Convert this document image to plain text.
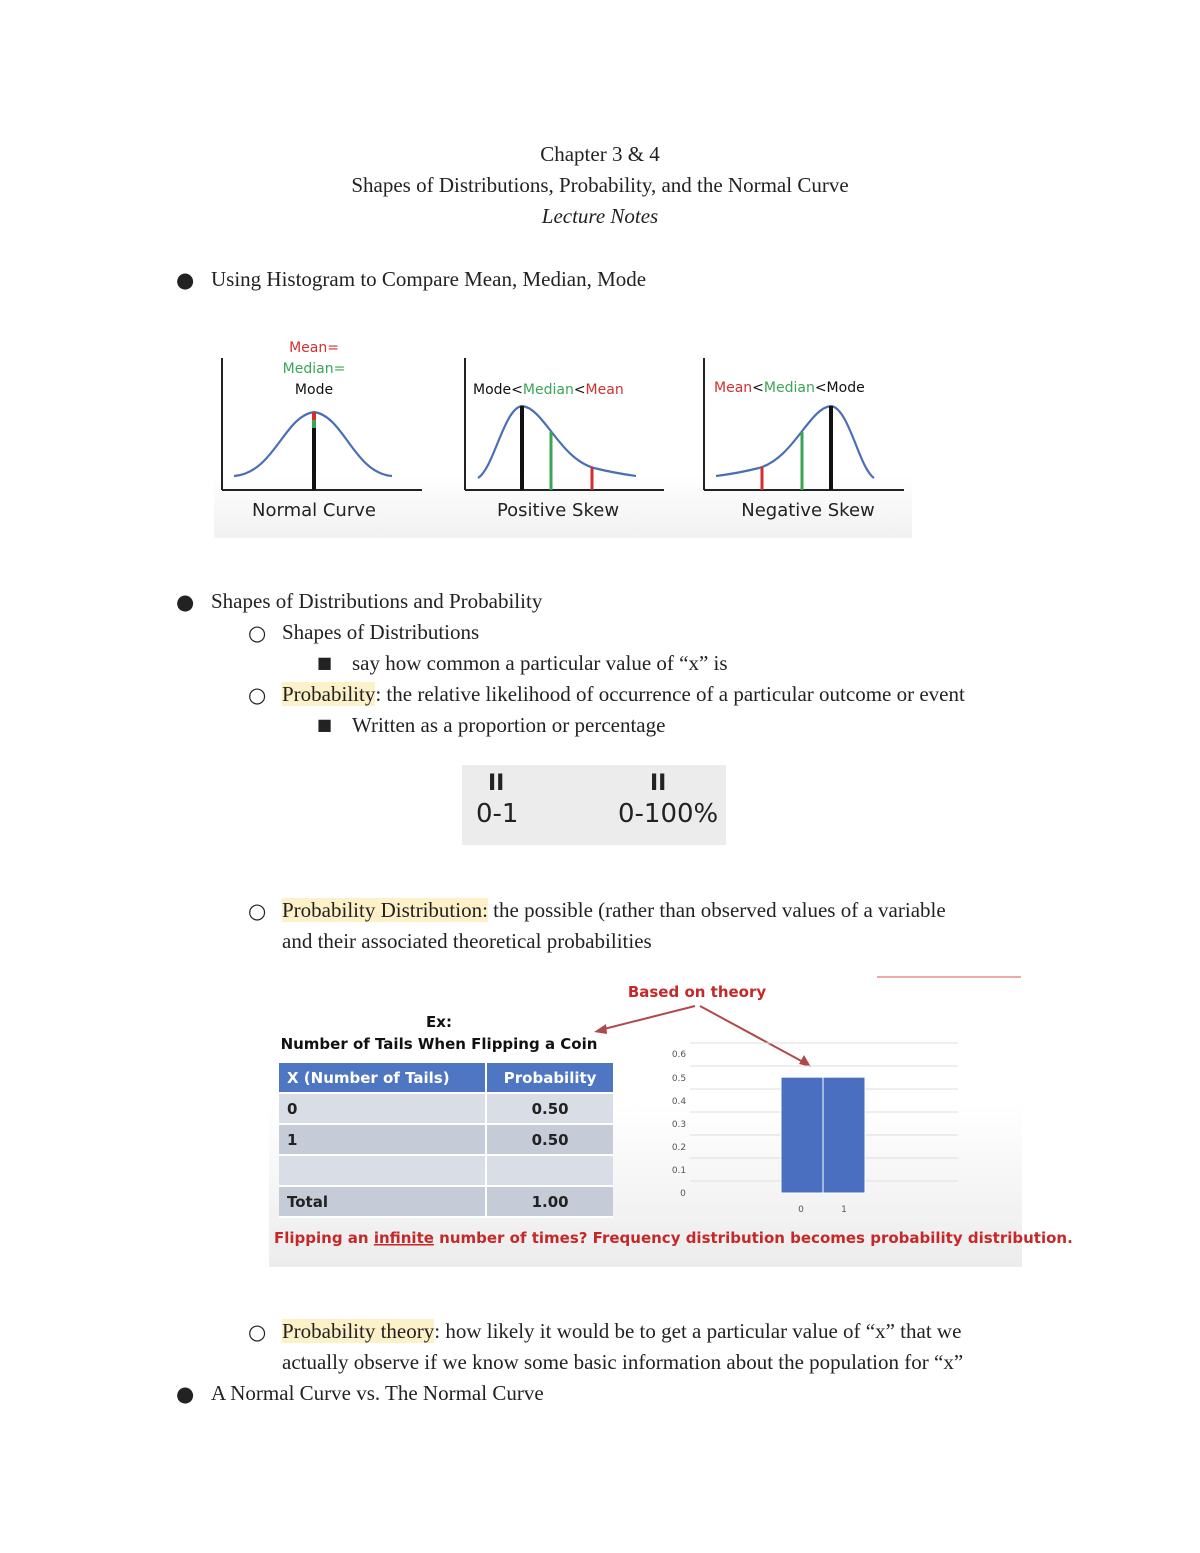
Chapter 3 & 4
Shapes of Distributions, Probability, and the Normal Curve
Lecture Notes
● Using Histogram to Compare Mean, Median, Mode
Mean=
Median=
Mode
Normal Curve
Mode<Median<Mean
Positive Skew
Mean<Median<Mode
Negative Skew
● Shapes of Distributions and Probability
○ Shapes of Distributions
■ say how common a particular value of “x” is
○ Probability: the relative likelihood of occurrence of a particular outcome or event
■ Written as a proportion or percentage
II
0-1
II
0-100%
○ Probability Distribution: the possible (rather than observed values of a variable
and their associated theoretical probabilities
Based on theory
Ex:
Number of Tails When Flipping a Coin
0.6
0.5
0.4
0.3
0.2
0.1
0
0	1
Flipping an infinite number of times? Frequency distribution becomes probability distribution.
X (Number of Tails)	Probability
0	0.50
1	0.50

Total	1.00
○ Probability theory: how likely it would be to get a particular value of “x” that we
actually observe if we know some basic information about the population for “x”
● A Normal Curve vs. The Normal Curve
